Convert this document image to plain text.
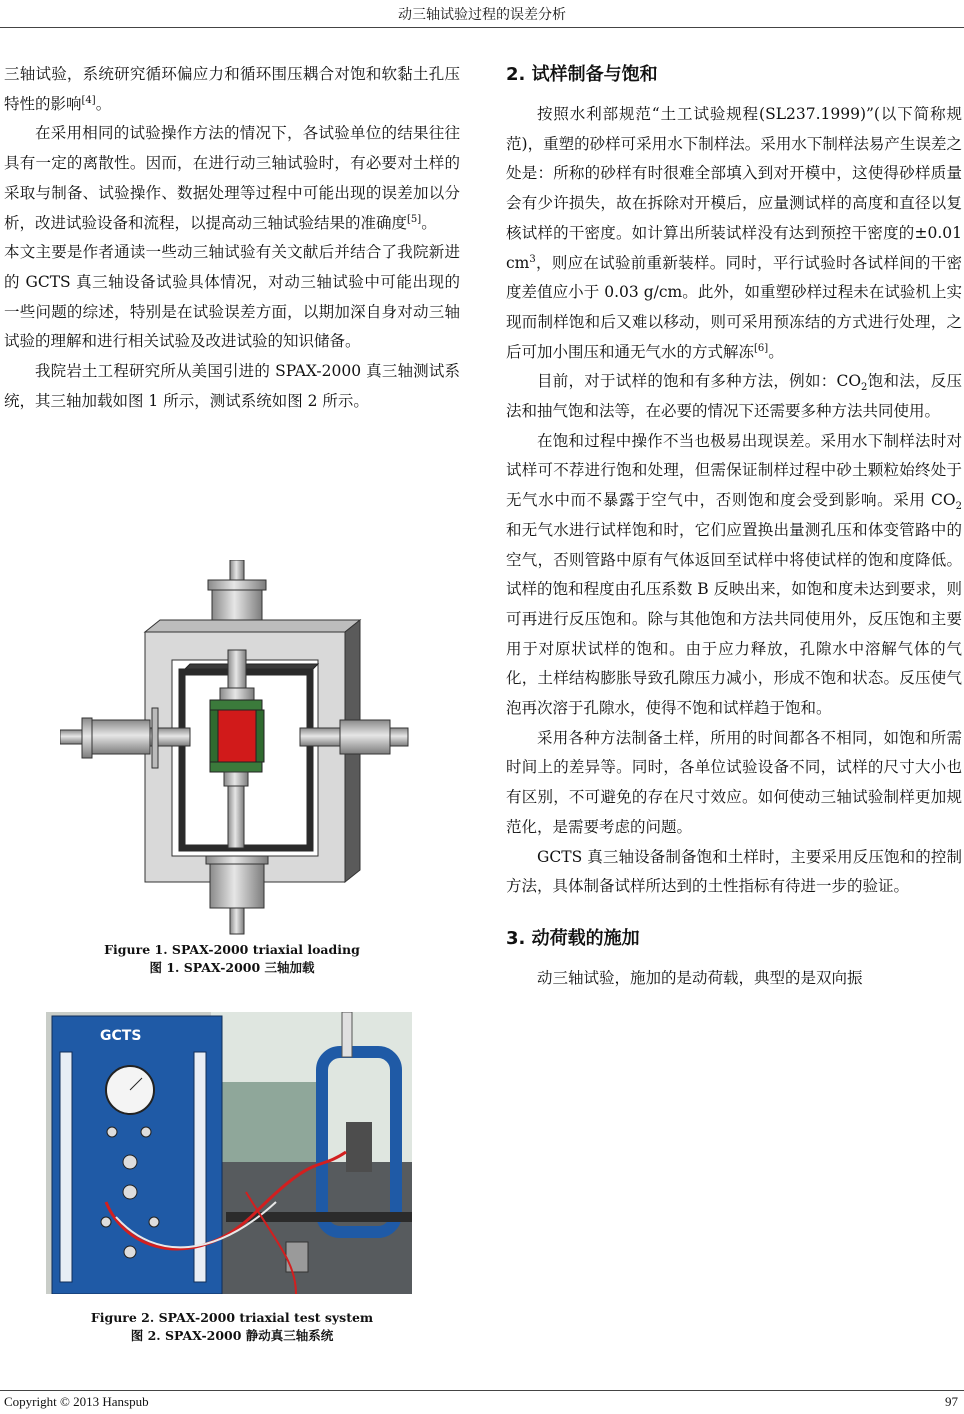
动三轴试验过程的误差分析

三轴试验，系统研究循环偏应力和循环围压耦合对饱和软黏土孔压特性的影响[4]。

在采用相同的试验操作方法的情况下，各试验单位的结果往往具有一定的离散性。因而，在进行动三轴试验时，有必要对土样的采取与制备、试验操作、数据处理等过程中可能出现的误差加以分析，改进试验设备和流程，以提高动三轴试验结果的准确度[5]。

本文主要是作者通读一些动三轴试验有关文献后并结合了我院新进的 GCTS 真三轴设备试验具体情况，对动三轴试验中可能出现的一些问题的综述，特别是在试验误差方面，以期加深自身对动三轴试验的理解和进行相关试验及改进试验的知识储备。

我院岩土工程研究所从美国引进的 SPAX-2000 真三轴测试系统，其三轴加载如图 1 所示，测试系统如图 2 所示。

Figure 1. SPAX-2000 triaxial loading
图 1. SPAX-2000 三轴加载
GCTS
Figure 2. SPAX-2000 triaxial test system
图 2. SPAX-2000 静动真三轴系统
2. 试样制备与饱和

按照水利部规范“土工试验规程(SL237.1999)”(以下简称规范)，重塑的砂样可采用水下制样法。采用水下制样法易产生误差之处是：所称的砂样有时很难全部填入到对开模中，这使得砂样质量会有少许损失，故在拆除对开模后，应量测试样的高度和直径以复核试样的干密度。如计算出所装试样没有达到预控干密度的±0.01 $cm^3$，则应在试验前重新装样。同时，平行试验时各试样间的干密度差值应小于 0.03 g/cm。此外，如重塑砂样过程未在试验机上实现而制样饱和后又难以移动，则可采用预冻结的方式进行处理，之后可加小围压和通无气水的方式解冻[6]。

目前，对于试样的饱和有多种方法，例如：$CO_2$饱和法，反压法和抽气饱和法等，在必要的情况下还需要多种方法共同使用。

在饱和过程中操作不当也极易出现误差。采用水下制样法时对试样可不荐进行饱和处理，但需保证制样过程中砂土颗粒始终处于无气水中而不暴露于空气中，否则饱和度会受到影响。采用 $CO_2$ 和无气水进行试样饱和时，它们应置换出量测孔压和体变管路中的空气，否则管路中原有气体返回至试样中将使试样的饱和度降低。试样的饱和程度由孔压系数 B 反映出来，如饱和度未达到要求，则可再进行反压饱和。除与其他饱和方法共同使用外，反压饱和主要用于对原状试样的饱和。由于应力释放，孔隙水中溶解气体的气化，土样结构膨胀导致孔隙压力减小，形成不饱和状态。反压使气泡再次溶于孔隙水，使得不饱和试样趋于饱和。

采用各种方法制备土样，所用的时间都各不相同，如饱和所需时间上的差异等。同时，各单位试验设备不同，试样的尺寸大小也有区别，不可避免的存在尺寸效应。如何使动三轴试验制样更加规范化，是需要考虑的问题。

GCTS 真三轴设备制备饱和土样时，主要采用反压饱和的控制方法，具体制备试样所达到的土性指标有待进一步的验证。

3. 动荷载的施加

动三轴试验，施加的是动荷载，典型的是双向振

Copyright © 2013 Hanspub	97
